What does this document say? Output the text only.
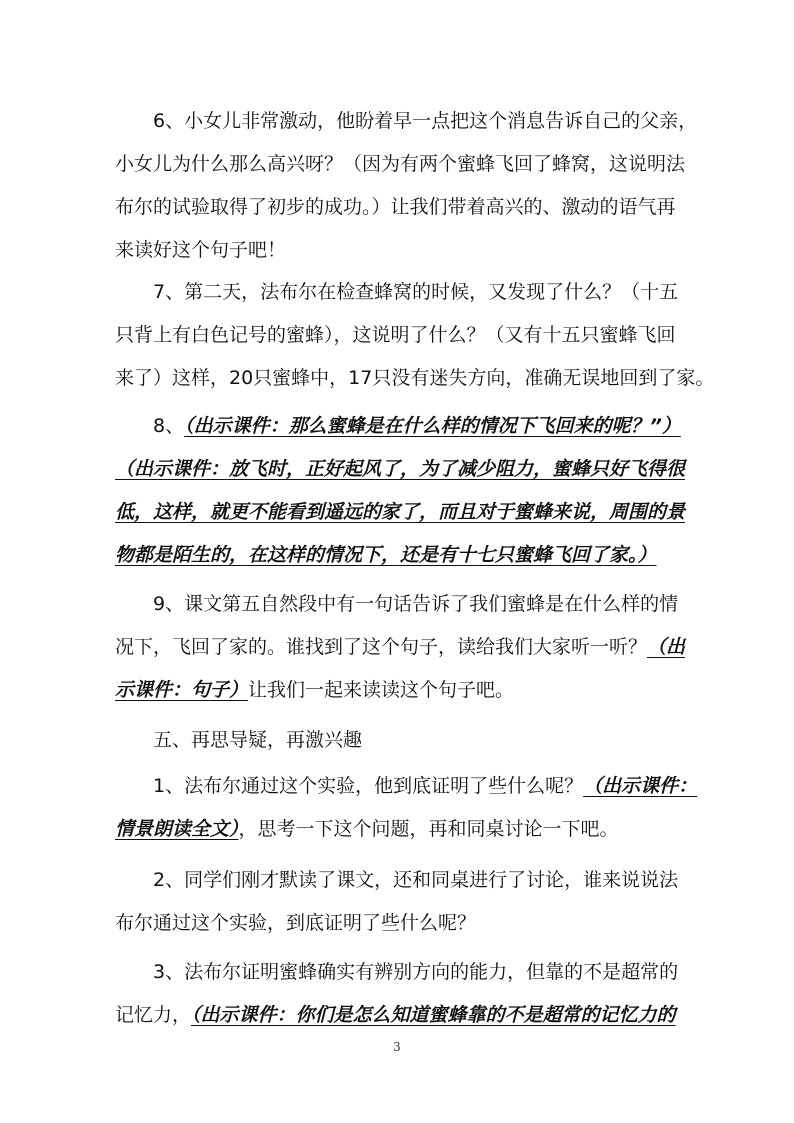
6、小女儿非常激动，他盼着早一点把这个消息告诉自己的父亲，
小女儿为什么那么高兴呀？（因为有两个蜜蜂飞回了蜂窝，这说明法
布尔的试验取得了初步的成功。）让我们带着高兴的、激动的语气再
来读好这个句子吧！
7、第二天，法布尔在检查蜂窝的时候，又发现了什么？（十五
只背上有白色记号的蜜蜂），这说明了什么？（又有十五只蜜蜂飞回
来了）这样，20只蜜蜂中，17只没有迷失方向，准确无误地回到了家。
8、（出示课件：那么蜜蜂是在什么样的情况下飞回来的呢？”）
（出示课件：放飞时，正好起风了，为了减少阻力，蜜蜂只好飞得很
低，这样，就更不能看到遥远的家了，而且对于蜜蜂来说，周围的景
物都是陌生的，在这样的情况下，还是有十七只蜜蜂飞回了家。）
9、课文第五自然段中有一句话告诉了我们蜜蜂是在什么样的情
况下，飞回了家的。谁找到了这个句子，读给我们大家听一听？（出
示课件：句子）让我们一起来读读这个句子吧。
五、再思导疑，再激兴趣
1、法布尔通过这个实验，他到底证明了些什么呢？（出示课件：
情景朗读全文），思考一下这个问题，再和同桌讨论一下吧。
2、同学们刚才默读了课文，还和同桌进行了讨论，谁来说说法
布尔通过这个实验，到底证明了些什么呢？
3、法布尔证明蜜蜂确实有辨别方向的能力，但靠的不是超常的
记忆力，（出示课件：你们是怎么知道蜜蜂靠的不是超常的记忆力的
3
